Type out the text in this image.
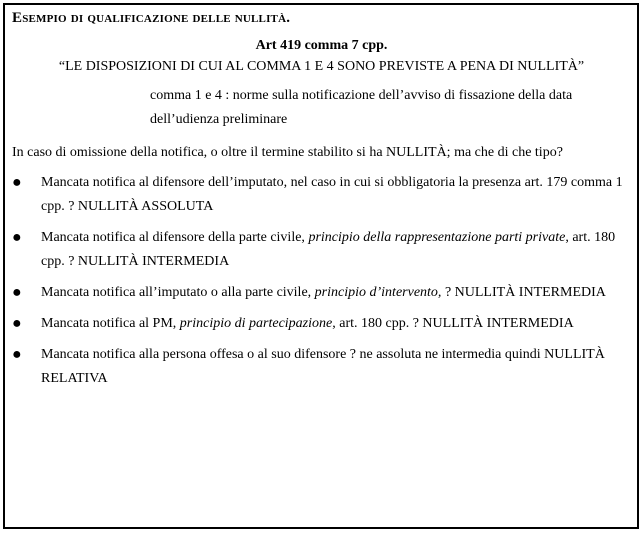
Esempio di qualificazione delle nullità.
Art 419 comma 7 cpp.
“LE DISPOSIZIONI DI CUI AL COMMA 1 E 4 SONO PREVISTE A PENA DI NULLITÀ”
comma 1 e 4 : norme sulla notificazione dell’avviso di fissazione della data dell’udienza preliminare
In caso di omissione della notifica, o oltre il termine stabilito si ha NULLITÀ; ma che di che tipo?
● Mancata notifica al difensore dell’imputato, nel caso in cui si obbligatoria la presenza art. 179 comma 1 cpp. ? NULLITÀ ASSOLUTA
● Mancata notifica al difensore della parte civile, principio della rappresentazione parti private, art. 180 cpp. ? NULLITÀ INTERMEDIA
● Mancata notifica all’imputato o alla parte civile, principio d’intervento, ? NULLITÀ INTERMEDIA
● Mancata notifica al PM, principio di partecipazione, art. 180 cpp. ? NULLITÀ INTERMEDIA
● Mancata notifica alla persona offesa o al suo difensore ? ne assoluta ne intermedia quindi NULLITÀ RELATIVA
